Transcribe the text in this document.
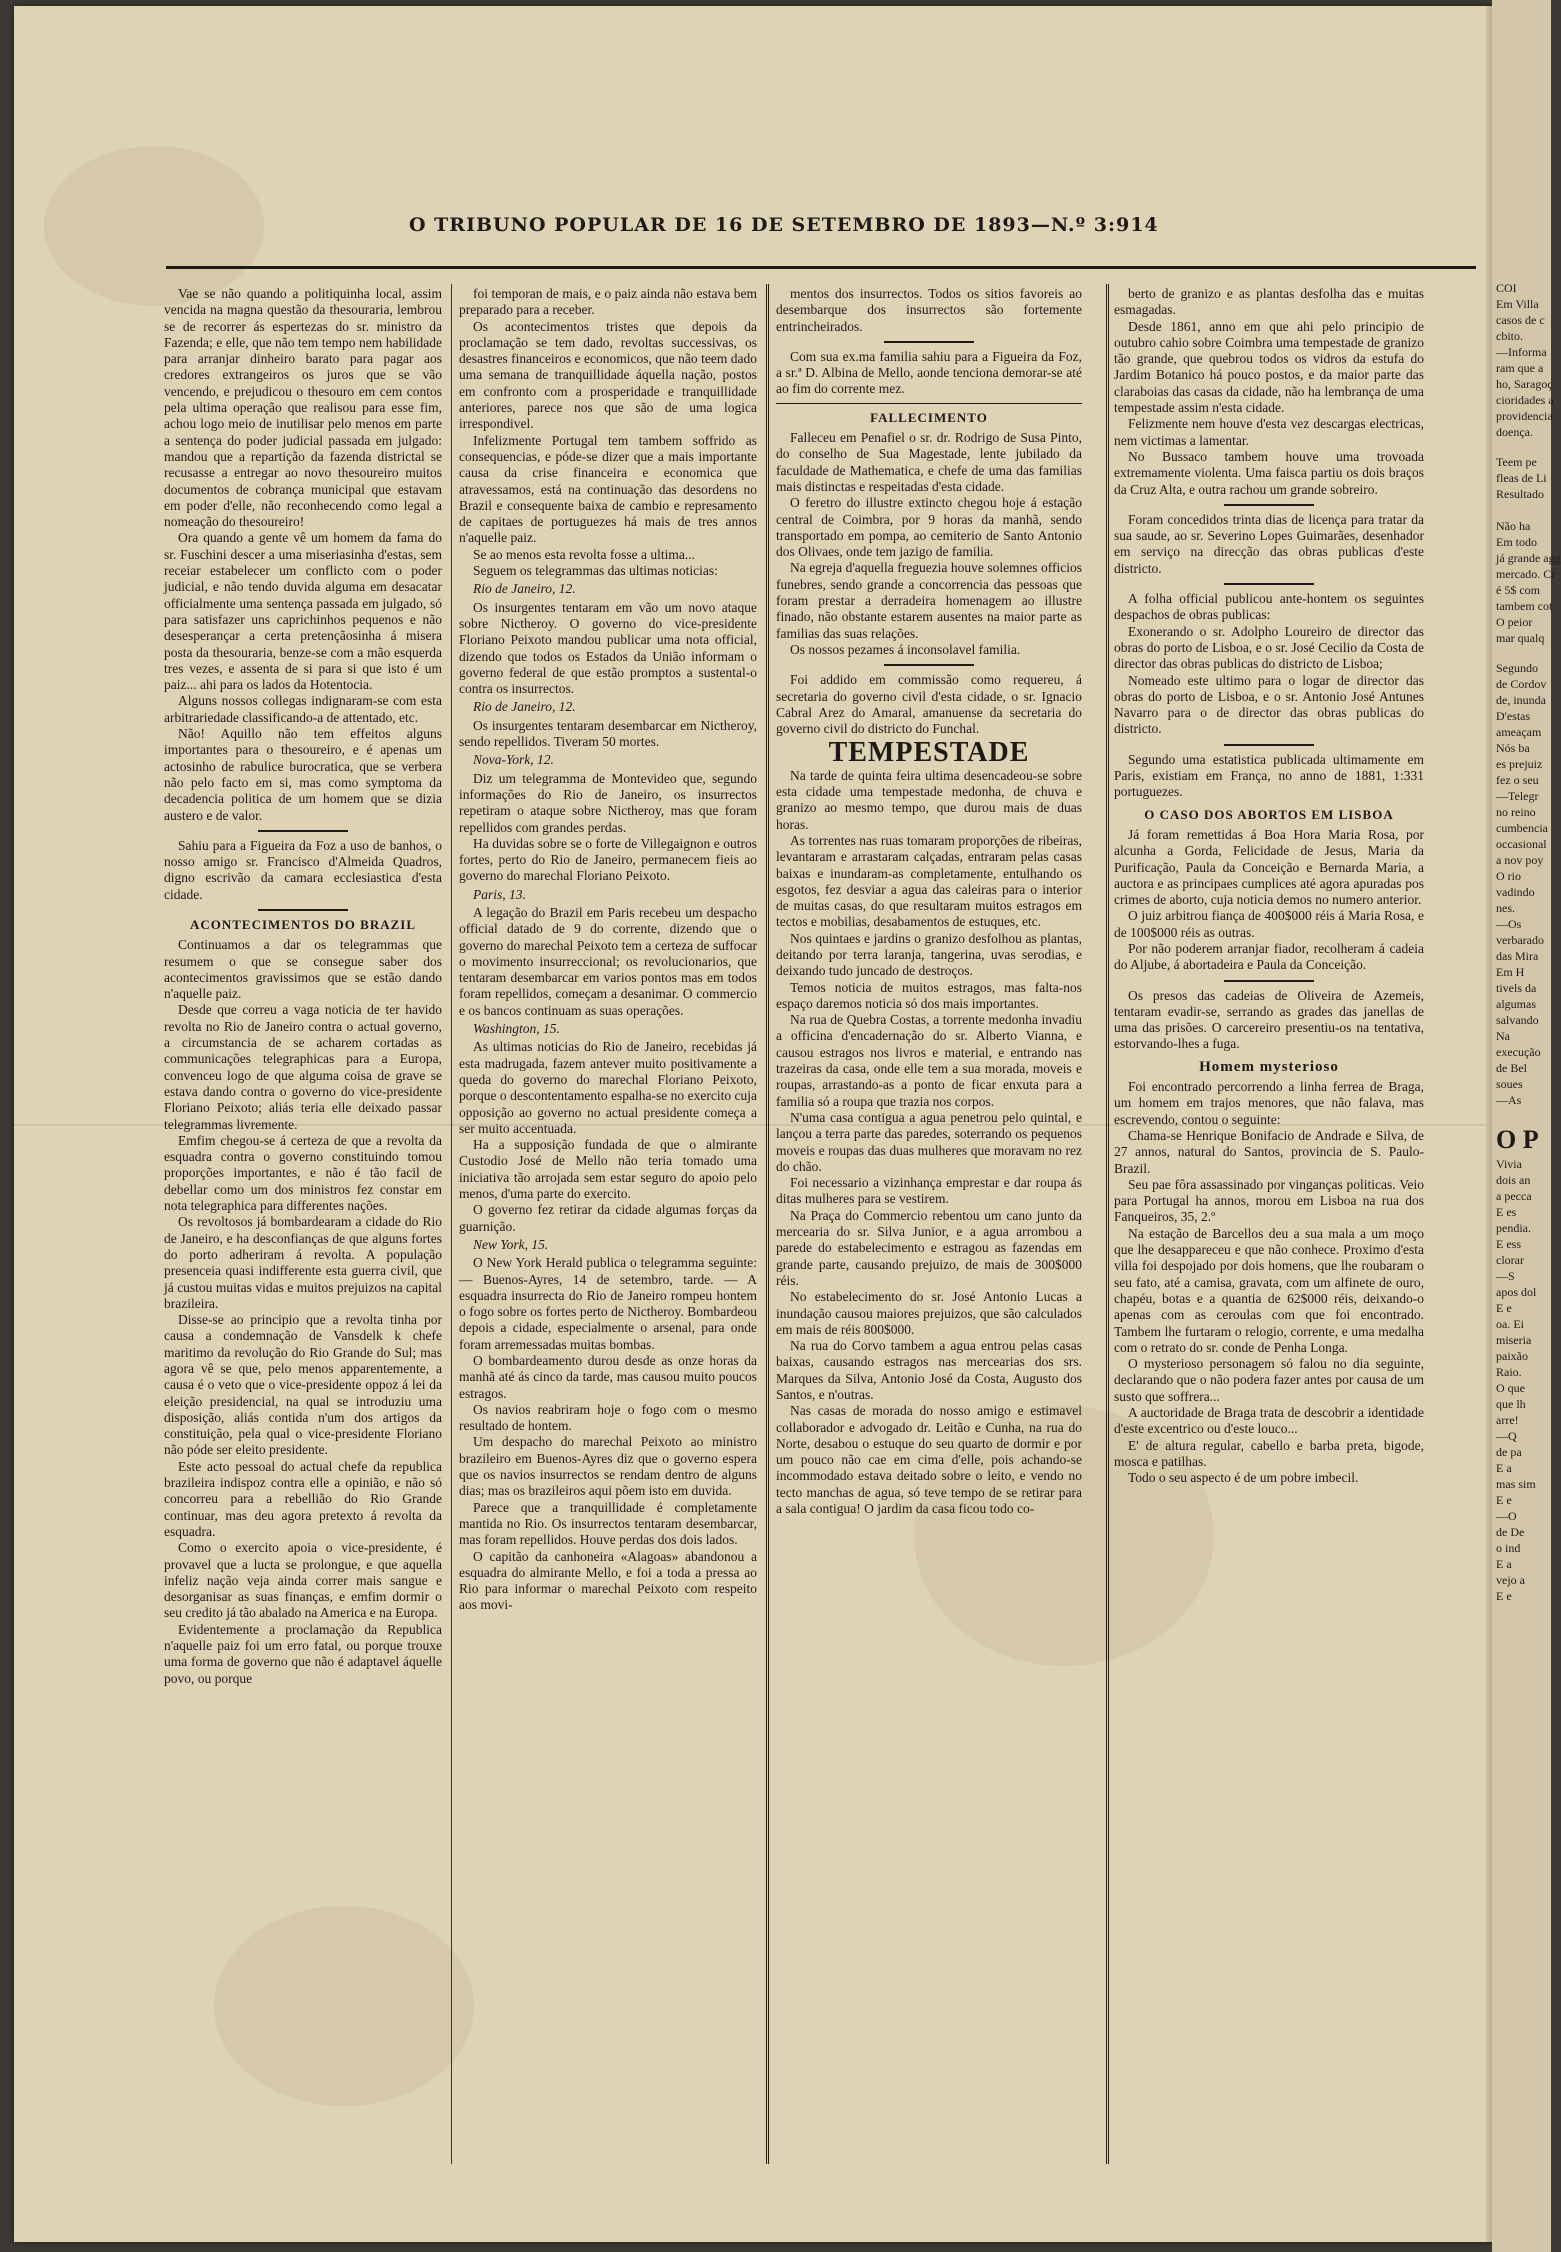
O TRIBUNO POPULAR DE 16 DE SETEMBRO DE 1893—N.º 3:914

Vae se não quando a politiquinha local, assim vencida na magna questão da thesouraria, lembrou se de recorrer ás espertezas do sr. ministro da Fazenda; e elle, que não tem tempo nem habilidade para arranjar dinheiro barato para pagar aos credores extrangeiros os juros que se vão vencendo, e prejudicou o thesouro em cem contos pela ultima operação que realisou para esse fim, achou logo meio de inutilisar pelo menos em parte a sentença do poder judicial passada em julgado: mandou que a repartição da fazenda districtal se recusasse a entregar ao novo thesoureiro muitos documentos de cobrança municipal que estavam em poder d'elle, não reconhecendo como legal a nomeação do thesoureiro!

Ora quando a gente vê um homem da fama do sr. Fuschini descer a uma miseriasinha d'estas, sem receiar estabelecer um conflicto com o poder judicial, e não tendo duvida alguma em desacatar officialmente uma sentença passada em julgado, só para satisfazer uns caprichinhos pequenos e não desesperançar a certa pretençãosinha á misera posta da thesouraria, benze-se com a mão esquerda tres vezes, e assenta de si para si que isto é um paiz... ahi para os lados da Hotentocia.

Alguns nossos collegas indignaram-se com esta arbitrariedade classificando-a de attentado, etc.

Não! Aquillo não tem effeitos alguns importantes para o thesoureiro, e é apenas um actosinho de rabulice burocratica, que se verbera não pelo facto em si, mas como symptoma da decadencia politica de um homem que se dizia austero e de valor.

Sahiu para a Figueira da Foz a uso de banhos, o nosso amigo sr. Francisco d'Almeida Quadros, digno escrivão da camara ecclesiastica d'esta cidade.

ACONTECIMENTOS DO BRAZIL

Continuamos a dar os telegrammas que resumem o que se consegue saber dos acontecimentos gravissimos que se estão dando n'aquelle paiz.

Desde que correu a vaga noticia de ter havido revolta no Rio de Janeiro contra o actual governo, a circumstancia de se acharem cortadas as communicações telegraphicas para a Europa, convenceu logo de que alguma coisa de grave se estava dando contra o governo do vice-presidente Floriano Peixoto; aliás teria elle deixado passar telegrammas livremente.

Emfim chegou-se á certeza de que a revolta da esquadra contra o governo constituindo tomou proporções importantes, e não é tão facil de debellar como um dos ministros fez constar em nota telegraphica para differentes nações.

Os revoltosos já bombardearam a cidade do Rio de Janeiro, e ha desconfianças de que alguns fortes do porto adheriram á revolta. A população presenceia quasi indifferente esta guerra civil, que já custou muitas vidas e muitos prejuizos na capital brazileira.

Disse-se ao principio que a revolta tinha por causa a condemnação de Vansdelk k chefe maritimo da revolução do Rio Grande do Sul; mas agora vê se que, pelo menos apparentemente, a causa é o veto que o vice-presidente oppoz á lei da eleição presidencial, na qual se introduziu uma disposição, aliás contida n'um dos artigos da constituição, pela qual o vice-presidente Floriano não póde ser eleito presidente.

Este acto pessoal do actual chefe da republica brazileira indispoz contra elle a opinião, e não só concorreu para a rebellião do Rio Grande continuar, mas deu agora pretexto á revolta da esquadra.

Como o exercito apoia o vice-presidente, é provavel que a lucta se prolongue, e que aquella infeliz nação veja ainda correr mais sangue e desorganisar as suas finanças, e emfim dormir o seu credito já tão abalado na America e na Europa.

Evidentemente a proclamação da Republica n'aquelle paiz foi um erro fatal, ou porque trouxe uma forma de governo que não é adaptavel áquelle povo, ou porque

foi temporan de mais, e o paiz ainda não estava bem preparado para a receber.

Os acontecimentos tristes que depois da proclamação se tem dado, revoltas successivas, os desastres financeiros e economicos, que não teem dado uma semana de tranquillidade áquella nação, postos em confronto com a prosperidade e tranquillidade anteriores, parece nos que são de uma logica irrespondivel.

Infelizmente Portugal tem tambem soffrido as consequencias, e póde-se dizer que a mais importante causa da crise financeira e economica que atravessamos, está na continuação das desordens no Brazil e consequente baixa de cambio e represamento de capitaes de portuguezes há mais de tres annos n'aquelle paiz.

Se ao menos esta revolta fosse a ultima...

Seguem os telegrammas das ultimas noticias:

Rio de Janeiro, 12.

Os insurgentes tentaram em vão um novo ataque sobre Nictheroy. O governo do vice-presidente Floriano Peixoto mandou publicar uma nota official, dizendo que todos os Estados da União informam o governo federal de que estão promptos a sustental-o contra os insurrectos.

Rio de Janeiro, 12.

Os insurgentes tentaram desembarcar em Nictheroy, sendo repellidos. Tiveram 50 mortes.

Nova-York, 12.

Diz um telegramma de Montevideo que, segundo informações do Rio de Janeiro, os insurrectos repetiram o ataque sobre Nictheroy, mas que foram repellidos com grandes perdas.

Ha duvidas sobre se o forte de Villegaignon e outros fortes, perto do Rio de Janeiro, permanecem fieis ao governo do marechal Floriano Peixoto.

Paris, 13.

A legação do Brazil em Paris recebeu um despacho official datado de 9 do corrente, dizendo que o governo do marechal Peixoto tem a certeza de suffocar o movimento insurreccional; os revolucionarios, que tentaram desembarcar em varios pontos mas em todos foram repellidos, começam a desanimar. O commercio e os bancos continuam as suas operações.

Washington, 15.

As ultimas noticias do Rio de Janeiro, recebidas já esta madrugada, fazem antever muito positivamente a queda do governo do marechal Floriano Peixoto, porque o descontentamento espalha-se no exercito cuja opposição ao governo no actual presidente começa a ser muito accentuada.

Ha a supposição fundada de que o almirante Custodio José de Mello não teria tomado uma iniciativa tão arrojada sem estar seguro do apoio pelo menos, d'uma parte do exercito.

O governo fez retirar da cidade algumas forças da guarnição.

New York, 15.

O New York Herald publica o telegramma seguinte: — Buenos-Ayres, 14 de setembro, tarde. — A esquadra insurrecta do Rio de Janeiro rompeu hontem o fogo sobre os fortes perto de Nictheroy. Bombardeou depois a cidade, especialmente o arsenal, para onde foram arremessadas muitas bombas.

O bombardeamento durou desde as onze horas da manhã até ás cinco da tarde, mas causou muito poucos estragos.

Os navios reabriram hoje o fogo com o mesmo resultado de hontem.

Um despacho do marechal Peixoto ao ministro brazileiro em Buenos-Ayres diz que o governo espera que os navios insurrectos se rendam dentro de alguns dias; mas os brazileiros aqui põem isto em duvida.

Parece que a tranquillidade é completamente mantida no Rio. Os insurrectos tentaram desembarcar, mas foram repellidos. Houve perdas dos dois lados.

O capitão da canhoneira «Alagoas» abandonou a esquadra do almirante Mello, e foi a toda a pressa ao Rio para informar o marechal Peixoto com respeito aos movi-

mentos dos insurrectos. Todos os sitios favoreis ao desembarque dos insurrectos são fortemente entrincheirados.

Com sua ex.ma familia sahiu para a Figueira da Foz, a sr.ª D. Albina de Mello, aonde tenciona demorar-se até ao fim do corrente mez.

FALLECIMENTO

Falleceu em Penafiel o sr. dr. Rodrigo de Susa Pinto, do conselho de Sua Magestade, lente jubilado da faculdade de Mathematica, e chefe de uma das familias mais distinctas e respeitadas d'esta cidade.

O feretro do illustre extincto chegou hoje á estação central de Coimbra, por 9 horas da manhã, sendo transportado em pompa, ao cemiterio de Santo Antonio dos Olivaes, onde tem jazigo de familia.

Na egreja d'aquella freguezia houve solemnes officios funebres, sendo grande a concorrencia das pessoas que foram prestar a derradeira homenagem ao illustre finado, não obstante estarem ausentes na maior parte as familias das suas relações.

Os nossos pezames á inconsolavel familia.

Foi addido em commissão como requereu, á secretaria do governo civil d'esta cidade, o sr. Ignacio Cabral Arez do Amaral, amanuense da secretaria do governo civil do districto do Funchal.

TEMPESTADE

Na tarde de quinta feira ultima desencadeou-se sobre esta cidade uma tempestade medonha, de chuva e granizo ao mesmo tempo, que durou mais de duas horas.

As torrentes nas ruas tomaram proporções de ribeiras, levantaram e arrastaram calçadas, entraram pelas casas baixas e inundaram-as completamente, entulhando os esgotos, fez desviar a agua das caleiras para o interior de muitas casas, do que resultaram muitos estragos em tectos e mobilias, desabamentos de estuques, etc.

Nos quintaes e jardins o granizo desfolhou as plantas, deitando por terra laranja, tangerina, uvas serodias, e deixando tudo juncado de destroços.

Temos noticia de muitos estragos, mas falta-nos espaço daremos noticia só dos mais importantes.

Na rua de Quebra Costas, a torrente medonha invadiu a officina d'encadernação do sr. Alberto Vianna, e causou estragos nos livros e material, e entrando nas trazeiras da casa, onde elle tem a sua morada, moveis e roupas, arrastando-as a ponto de ficar enxuta para a familia só a roupa que trazia nos corpos.

N'uma casa contigua a agua penetrou pelo quintal, e lançou a terra parte das paredes, soterrando os pequenos moveis e roupas das duas mulheres que moravam no rez do chão.

Foi necessario a vizinhança emprestar e dar roupa ás ditas mulheres para se vestirem.

Na Praça do Commercio rebentou um cano junto da mercearia do sr. Silva Junior, e a agua arrombou a parede do estabelecimento e estragou as fazendas em grande parte, causando prejuizo, de mais de 300$000 réis.

No estabelecimento do sr. José Antonio Lucas a inundação causou maiores prejuizos, que são calculados em mais de réis 800$000.

Na rua do Corvo tambem a agua entrou pelas casas baixas, causando estragos nas mercearias dos srs. Marques da Silva, Antonio José da Costa, Augusto dos Santos, e n'outras.

Nas casas de morada do nosso amigo e estimavel collaborador e advogado dr. Leitão e Cunha, na rua do Norte, desabou o estuque do seu quarto de dormir e por um pouco não cae em cima d'elle, pois achando-se incommodado estava deitado sobre o leito, e vendo no tecto manchas de agua, só teve tempo de se retirar para a sala contigua! O jardim da casa ficou todo co-

berto de granizo e as plantas desfolha das e muitas esmagadas.

Desde 1861, anno em que ahi pelo principio de outubro cahio sobre Coimbra uma tempestade de granizo tão grande, que quebrou todos os vidros da estufa do Jardim Botanico há pouco postos, e da maior parte das claraboias das casas da cidade, não ha lembrança de uma tempestade assim n'esta cidade.

Felizmente nem houve d'esta vez descargas electricas, nem victimas a lamentar.

No Bussaco tambem houve uma trovoada extremamente violenta. Uma faisca partiu os dois braços da Cruz Alta, e outra rachou um grande sobreiro.

Foram concedidos trinta dias de licença para tratar da sua saude, ao sr. Severino Lopes Guimarães, desenhador em serviço na direcção das obras publicas d'este districto.

A folha official publicou ante-hontem os seguintes despachos de obras publicas:

Exonerando o sr. Adolpho Loureiro de director das obras do porto de Lisboa, e o sr. José Cecilio da Costa de director das obras publicas do districto de Lisboa;

Nomeado este ultimo para o logar de director das obras do porto de Lisboa, e o sr. Antonio José Antunes Navarro para o de director das obras publicas do districto.

Segundo uma estatistica publicada ultimamente em Paris, existiam em França, no anno de 1881, 1:331 portuguezes.

O CASO DOS ABORTOS EM LISBOA

Já foram remettidas á Boa Hora Maria Rosa, por alcunha a Gorda, Felicidade de Jesus, Maria da Purificação, Paula da Conceição e Bernarda Maria, a auctora e as principaes cumplices até agora apuradas pos crimes de aborto, cuja noticia demos no numero anterior.

O juiz arbitrou fiança de 400$000 réis á Maria Rosa, e de 100$000 réis as outras.

Por não poderem arranjar fiador, recolheram á cadeia do Aljube, á abortadeira e Paula da Conceição.

Os presos das cadeias de Oliveira de Azemeis, tentaram evadir-se, serrando as grades das janellas de uma das prisões. O carcereiro presentiu-os na tentativa, estorvando-lhes a fuga.

Homem mysterioso

Foi encontrado percorrendo a linha ferrea de Braga, um homem em trajos menores, que não falava, mas escrevendo, contou o seguinte:

Chama-se Henrique Bonifacio de Andrade e Silva, de 27 annos, natural do Santos, provincia de S. Paulo-Brazil.

Seu pae fôra assassinado por vinganças politicas. Veio para Portugal ha annos, morou em Lisboa na rua dos Fanqueiros, 35, 2.º

Na estação de Barcellos deu a sua mala a um moço que lhe desappareceu e que não conhece. Proximo d'esta villa foi despojado por dois homens, que lhe roubaram o seu fato, até a camisa, gravata, com um alfinete de ouro, chapéu, botas e a quantia de 62$000 réis, deixando-o apenas com as ceroulas com que foi encontrado. Tambem lhe furtaram o relogio, corrente, e uma medalha com o retrato do sr. conde de Penha Longa.

O mysterioso personagem só falou no dia seguinte, declarando que o não podera fazer antes por causa de um susto que soffrera...

A auctoridade de Braga trata de descobrir a identidade d'este excentrico ou d'este louco...

E' de altura regular, cabello e barba preta, bigode, mosca e patilhas.

Todo o seu aspecto é de um pobre imbecil.

COI

Em Villa

casos de c

cbito.

—Informa

ram que a

ho, Saragoç

cioridades a

providencia

doença.

Teem pe

fleas de Li

Resultado

Não ha

Em todo

já grande agg

mercado. Cr

é 5$ com

tambem cot

O peior

mar qualq

Segundo

de Cordov

de, inunda

D'estas

ameaçam

Nós ba

es prejuiz

fez o seu

—Telegr

no reino

cumbencia

occasional

a nov poy

O rio

vadindo

nes.

—Os

verbarado

das Mira

Em H

tivels da

algumas

salvando

Na

execução

de Bel

soues

—As

O P

Vivia

dois an

a pecca

E es

pendia.

E ess

clorar

—S

apos dol

E e

oa. Ei

miseria

paixão

Raio.

O que

que lh

arre!

—Q

de pa

E a

mas sim

E e

—O

de De

o ind

E a

vejo a

E e
